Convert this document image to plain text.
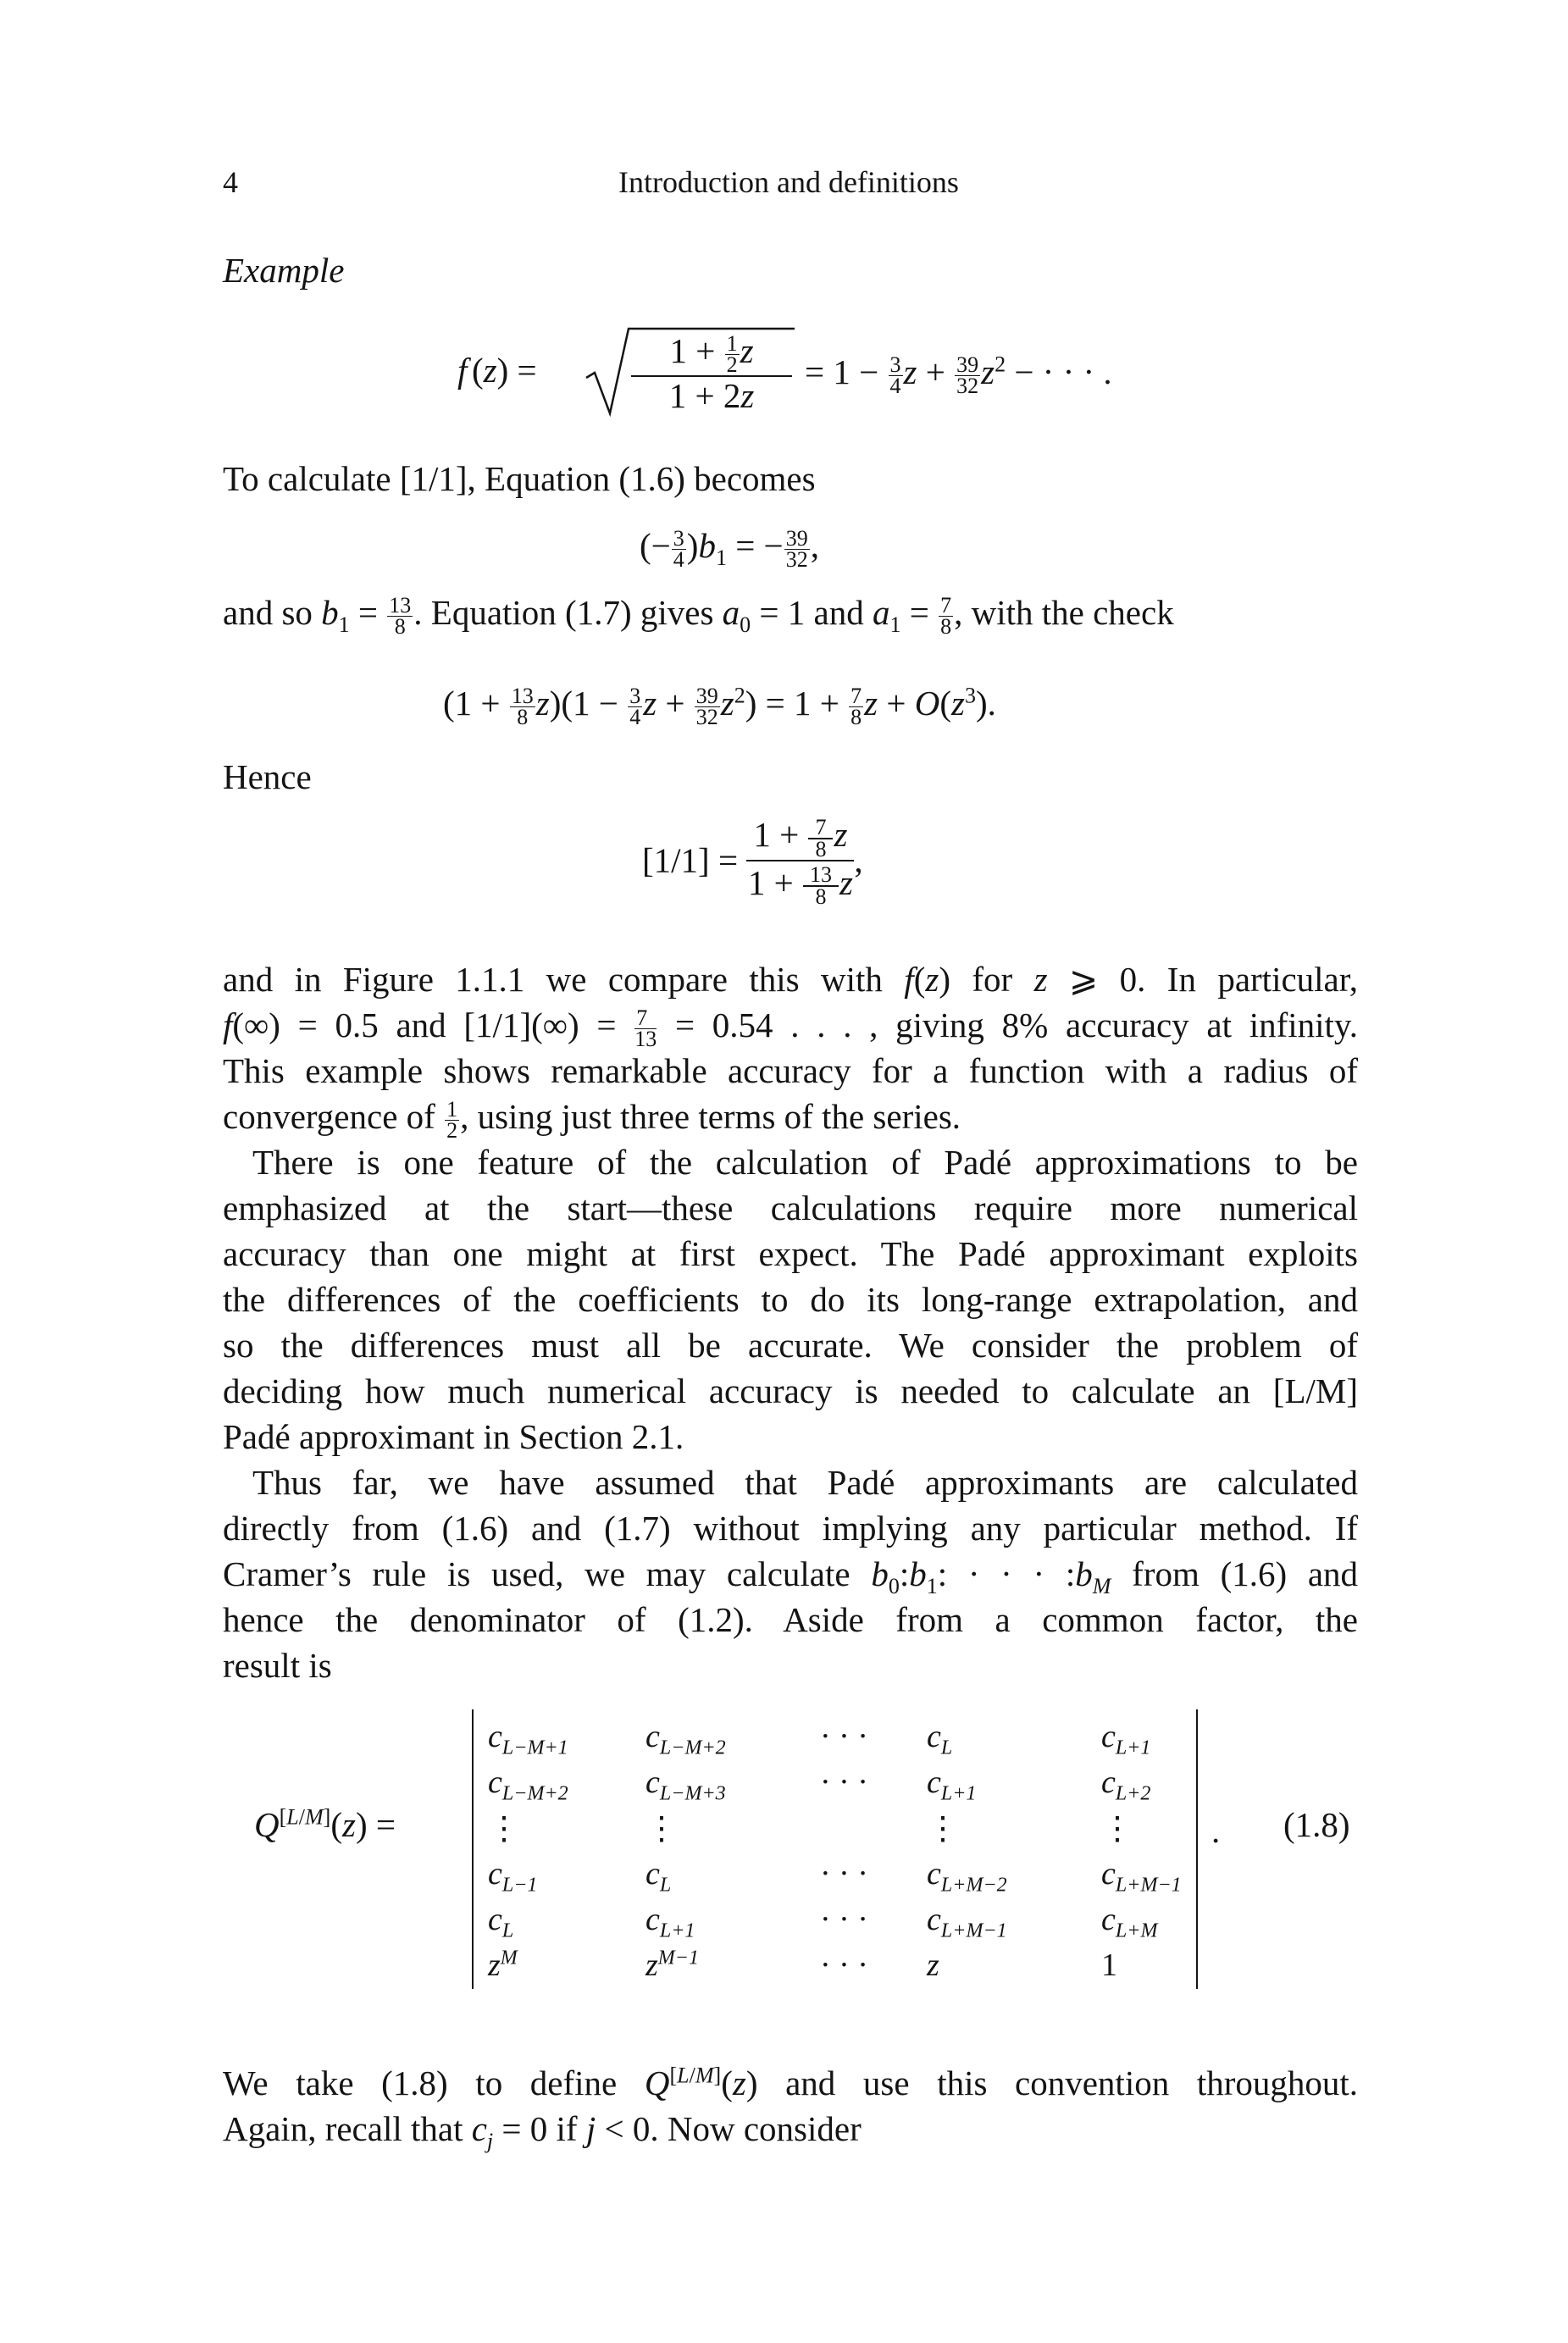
4	Introduction and definitions
Example
f (z) =	$1 + \frac{1}{2}$ z
1 + 2z
= $1 - \frac{3}{4}$ $z + \frac{39}{32} z^2$ − · · · .
To calculate [1/1], Equation (1.6) becomes
(− $\frac{3}{4} )b_1$ = − $\frac{39}{32}$ ,
and so $b_1 = \frac{13}{8}$ . Equation (1.7) gives $a_0 = 1$ and $a_1 = \frac{7}{8}$ , with the check
$(1 + \frac{13}{8} z)(1 - \frac{3}{4}$ $z + \frac{39}{32} z^2) = 1 + \frac{7}{8}$ $z + O(z^3)$.
Hence
$[1/1] = \frac{1 + \frac{7}{8} z}{1 + \frac{13}{8} z}$ ,
and in Figure 1.1.1 we compare this with f(z) for z ⩾ 0. In particular,
f(∞) = 0.5 and $[1/1](\infty) = \frac{7}{13} = 0.54$ . . . , giving 8% accuracy at infinity.
This example shows remarkable accuracy for a function with a radius of
convergence of $\frac{1}{2}$ , using just three terms of the series.
There is one feature of the calculation of Padé approximations to be
emphasized at the start—these calculations require more numerical
accuracy than one might at first expect. The Padé approximant exploits
the differences of the coefficients to do its long-range extrapolation, and
so the differences must all be accurate. We consider the problem of
deciding how much numerical accuracy is needed to calculate an [L/M]
Padé approximant in Section 2.1.
Thus far, we have assumed that Padé approximants are calculated
directly from (1.6) and (1.7) without implying any particular method. If
Cramer’s rule is used, we may calculate $b_0:b_1$: · · · $:b_M$ from (1.6) and
hence the denominator of (1.2). Aside from a common factor, the
result is
Q[L/M](z) =
$c_{L-M+1}$	$c_{L-M+2}$	· · ·	$c_L$	$c_{L+1}$
$c_{L-M+2}$	$c_{L-M+3}$	· · ·	$c_{L+1}$	$c_{L+2}$
⋮	⋮		⋮	⋮
$c_{L-1}$	$c_L$	· · ·	$c_{L+M-2}$	$c_{L+M-1}$
$c_L$	$c_{L+1}$	· · ·	$c_{L+M-1}$	$c_{L+M}$
$z^M$	$z^{M-1}$	· · ·	z	1
. (1.8)
We take (1.8) to define Q[L/M](z) and use this convention throughout.
Again, recall that $c_j = 0$ if j < 0. Now consider
